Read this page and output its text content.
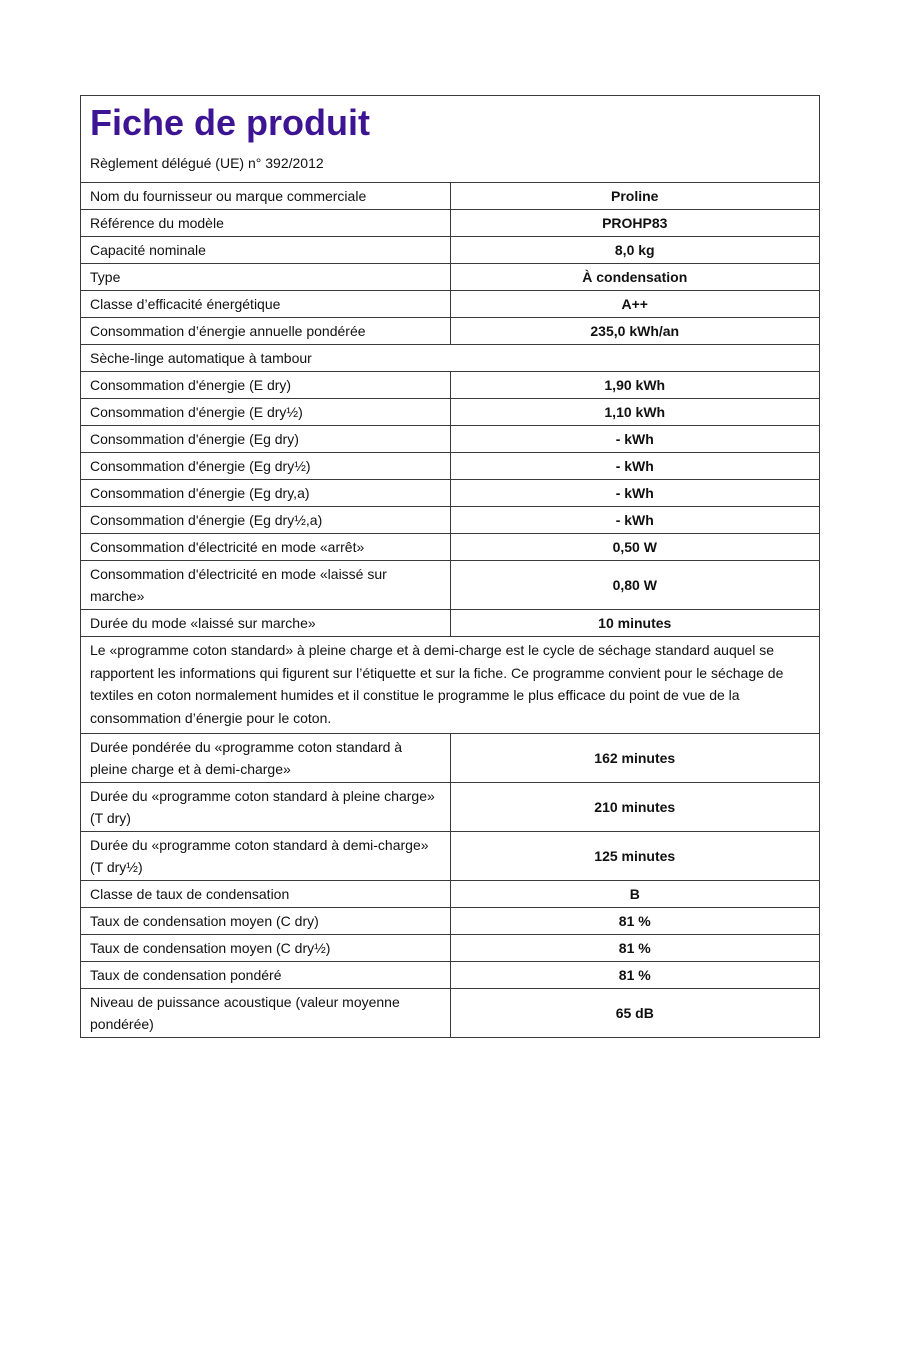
Fiche de produit
Règlement délégué (UE) n° 392/2012	

Nom du fournisseur ou marque commerciale	Proline
Référence du modèle	PROHP83
Capacité nominale	8,0 kg
Type	À condensation
Classe d’efficacité énergétique	A++
Consommation d’énergie annuelle pondérée	235,0 kWh/an
Sèche-linge automatique à tambour	
Consommation d'énergie (E dry)	1,90 kWh
Consommation d'énergie (E dry½)	1,10 kWh
Consommation d'énergie (Eg dry)	- kWh
Consommation d'énergie (Eg dry½)	- kWh
Consommation d'énergie (Eg dry,a)	- kWh
Consommation d'énergie (Eg dry½,a)	- kWh
Consommation d'électricité en mode «arrêt»	0,50 W
Consommation d'électricité en mode «laissé sur marche»	0,80 W
Durée du mode «laissé sur marche»	10 minutes
Le «programme coton standard» à pleine charge et à demi-charge est le cycle de séchage standard auquel se rapportent les informations qui figurent sur l’étiquette et sur la fiche. Ce programme convient pour le séchage de textiles en coton normalement humides et il constitue le programme le plus efficace du point de vue de la consommation d’énergie pour le coton.	
Durée pondérée du «programme coton standard à pleine charge et à demi-charge»	162 minutes
Durée du «programme coton standard à pleine charge» (T dry)	210 minutes
Durée du «programme coton standard à demi-charge» (T dry½)	125 minutes
Classe de taux de condensation	B
Taux de condensation moyen (C dry)	81 %
Taux de condensation moyen (C dry½)	81 %
Taux de condensation pondéré	81 %
Niveau de puissance acoustique (valeur moyenne pondérée)	65 dB
